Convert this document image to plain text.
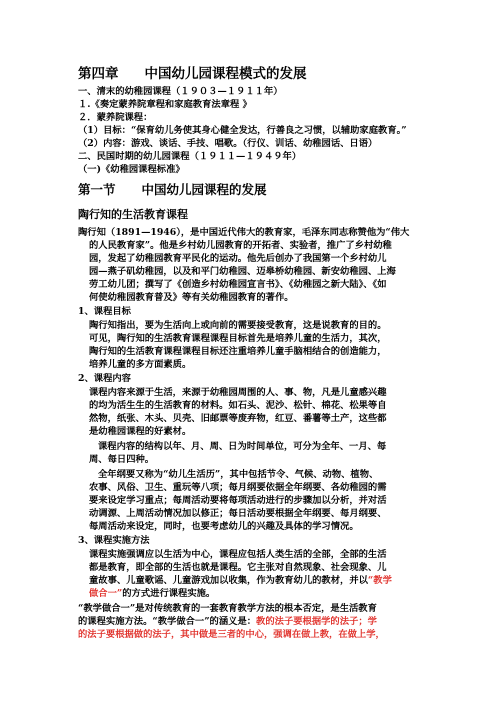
第四章 中国幼儿园课程模式的发展
一、清末的幼稚园课程（１９０３—１９１１年）
１.《奏定蒙养院章程和家庭教育法章程 》
２．蒙养院课程：
（1）目标：“保育幼儿务使其身心健全发达，行善良之习惯，以辅助家庭教育。”
（2）内容：游戏、谈话、手技、唱歌。（行仪、训话、幼稚园话、日语）
二、民国时期的幼儿园课程（１９１１—１９４９年）
（一)《幼稚园课程标准》
第一节 中国幼儿园课程的发展
陶行知的生活教育课程
陶行知（1891—1946），是中国近代伟大的教育家，毛泽东同志称赞他为“伟大
的人民教育家”。他是乡村幼儿园教育的开拓者、实验者，推广了乡村幼稚
园，发起了幼稚园教育平民化的运动。他先后创办了我国第一个乡村幼儿
园—燕子矶幼稚园，以及和平门幼稚园、迈皋桥幼稚园、新安幼稚园、上海
劳工幼儿团；撰写了《创造乡村幼稚园宣言书》、《幼稚园之新大陆》、《如
何使幼稚园教育普及》等有关幼稚园教育的著作。
1、课程目标
陶行知指出，要为生活向上或向前的需要接受教育，这是说教育的目的。
可见，陶行知的生活教育课程课程目标首先是培养儿童的生活力，其次，
陶行知的生活教育课程课程目标还注重培养儿童手脑相结合的创造能力，
培养儿童的多方面素质。
2、课程内容
课程内容来源于生活，来源于幼稚园周围的人、事、物，凡是儿童感兴趣
的均为活生生的生活教育的材料。如石头、泥沙、松针、棉花、松果等自
然物，纸张、木头、贝壳、旧邮票等废弃物，红豆、番薯等土产，这些都
是幼稚园课程的好素材。
课程内容的结构以年、月、周、日为时间单位，可分为全年、一月、每
周、每日四种。
全年纲要又称为“幼儿生活历”，其中包括节令、气候、动物、植物、
农事、风俗、卫生、重玩等八项；每月纲要依据全年纲要、各幼稚园的需
要来设定学习重点；每周活动要将每项活动进行的步骤加以分析，并对活
动调源、上周活动情况加以修正；每日活动要根据全年纲要、每月纲要、
每周活动来设定，同时，也要考虑幼儿的兴趣及具体的学习情况。
3、课程实施方法
课程实施强调应以生活为中心，课程应包括人类生活的全部，全部的生活
都是教育，即全部的生活也就是课程。它主张对自然现象、社会现象、儿
童故事、儿童歌谣、儿童游戏加以收集，作为教育幼儿的教材，并以“教学
做合一”的方式进行课程实施。
“教学做合一”是对传统教育的一套教育教学方法的根本否定，是生活教育
的课程实施方法。“教学做合一”的涵义是：教的法子要根据学的法子；学
的法子要根据做的法子，其中做是三者的中心，强调在做上教，在做上学，
